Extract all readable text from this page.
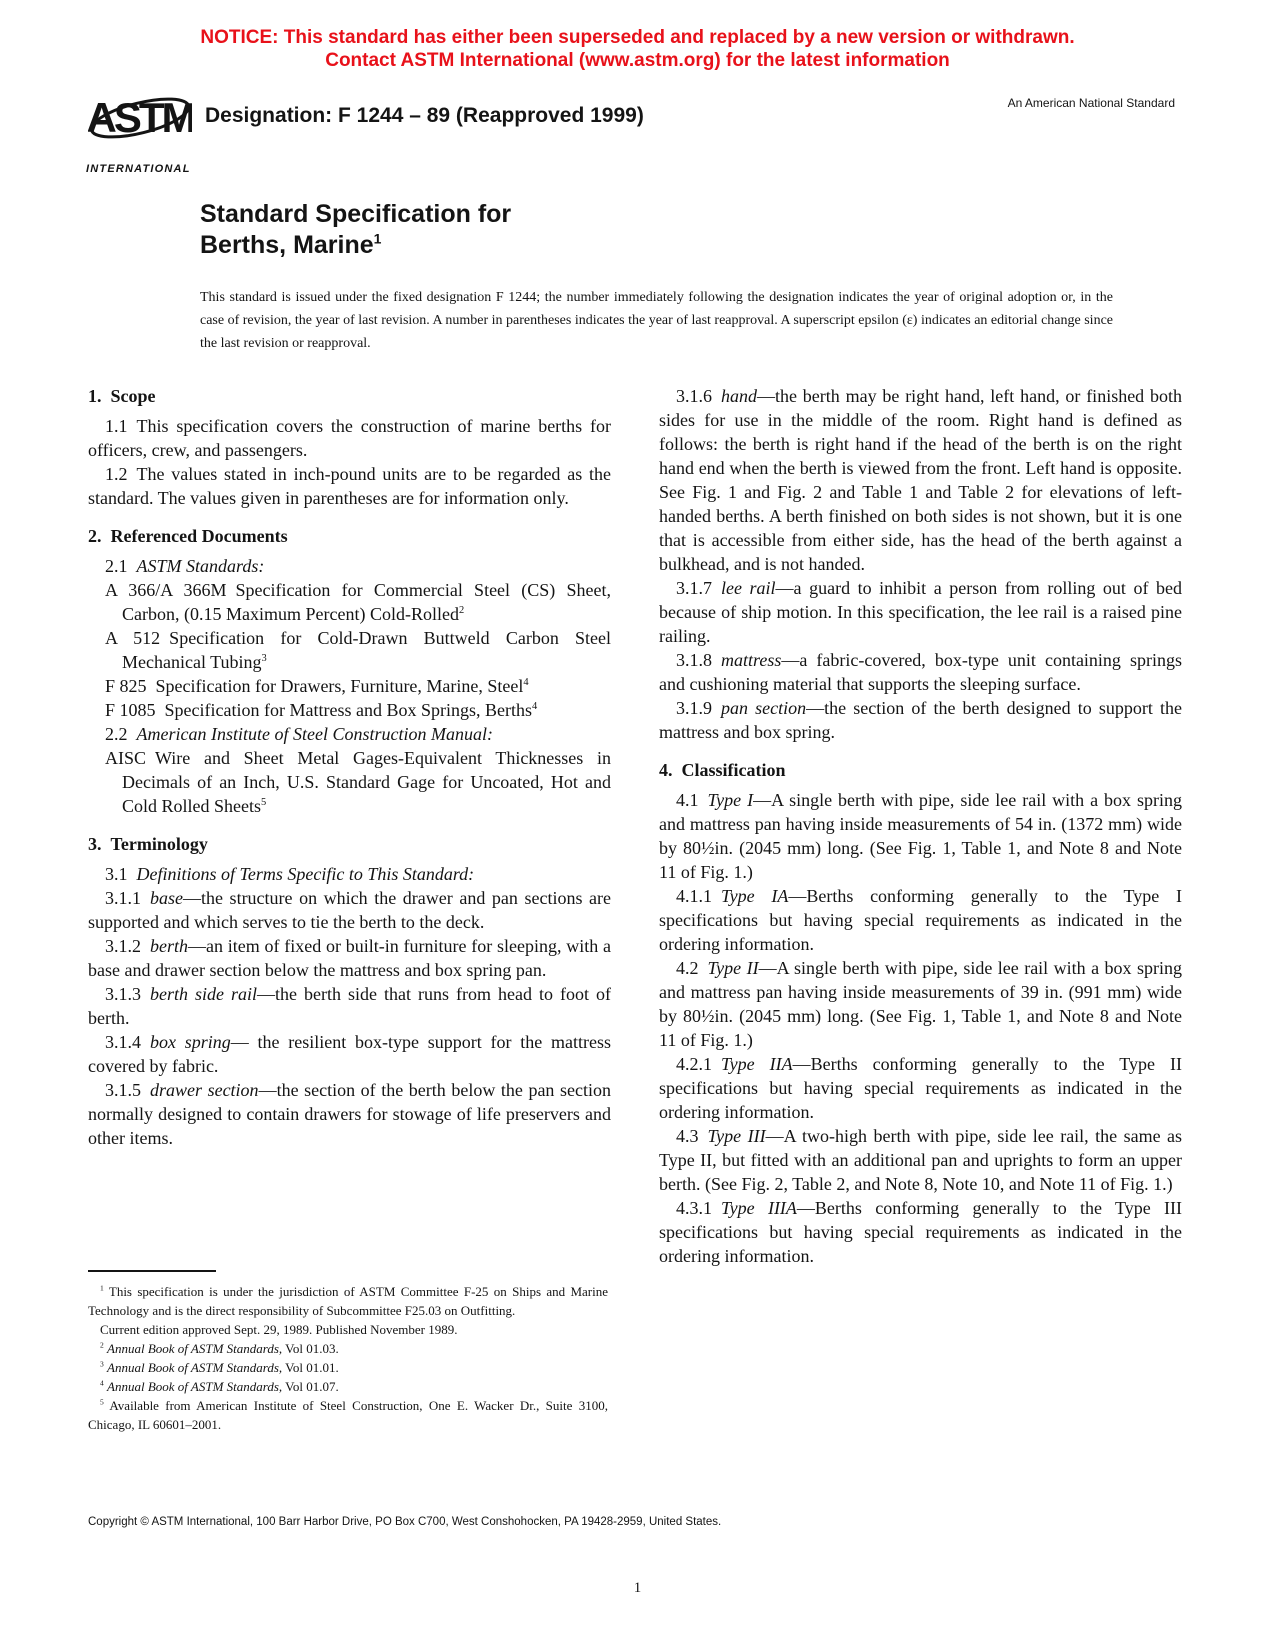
NOTICE: This standard has either been superseded and replaced by a new version or withdrawn.
Contact ASTM International (www.astm.org) for the latest information
ASTM
INTERNATIONAL
Designation: F 1244 – 89 (Reapproved 1999)
An American National Standard
Standard Specification for
Berths, Marine$^1$
This standard is issued under the fixed designation F 1244; the number immediately following the designation indicates the year of original adoption or, in the case of revision, the year of last revision. A number in parentheses indicates the year of last reapproval. A superscript epsilon (ε) indicates an editorial change since the last revision or reapproval.
1. Scope

1.1 This specification covers the construction of marine berths for officers, crew, and passengers.

1.2 The values stated in inch-pound units are to be regarded as the standard. The values given in parentheses are for information only.

2. Referenced Documents

2.1 ASTM Standards:

A 366/A 366M Specification for Commercial Steel (CS) Sheet, Carbon, (0.15 Maximum Percent) Cold-Rolled$^2$

A 512 Specification for Cold-Drawn Buttweld Carbon Steel Mechanical Tubing$^3$

F 825 Specification for Drawers, Furniture, Marine, Steel$^4$

F 1085 Specification for Mattress and Box Springs, Berths$^4$

2.2 American Institute of Steel Construction Manual:

AISC Wire and Sheet Metal Gages-Equivalent Thicknesses in Decimals of an Inch, U.S. Standard Gage for Uncoated, Hot and Cold Rolled Sheets$^5$

3. Terminology

3.1 Definitions of Terms Specific to This Standard:

3.1.1 base—the structure on which the drawer and pan sections are supported and which serves to tie the berth to the deck.

3.1.2 berth—an item of fixed or built-in furniture for sleeping, with a base and drawer section below the mattress and box spring pan.

3.1.3 berth side rail—the berth side that runs from head to foot of berth.

3.1.4 box spring— the resilient box-type support for the mattress covered by fabric.

3.1.5 drawer section—the section of the berth below the pan section normally designed to contain drawers for stowage of life preservers and other items.

3.1.6 hand—the berth may be right hand, left hand, or finished both sides for use in the middle of the room. Right hand is defined as follows: the berth is right hand if the head of the berth is on the right hand end when the berth is viewed from the front. Left hand is opposite. See Fig. 1 and Fig. 2 and Table 1 and Table 2 for elevations of left-handed berths. A berth finished on both sides is not shown, but it is one that is accessible from either side, has the head of the berth against a bulkhead, and is not handed.

3.1.7 lee rail—a guard to inhibit a person from rolling out of bed because of ship motion. In this specification, the lee rail is a raised pine railing.

3.1.8 mattress—a fabric-covered, box-type unit containing springs and cushioning material that supports the sleeping surface.

3.1.9 pan section—the section of the berth designed to support the mattress and box spring.

4. Classification

4.1 Type I—A single berth with pipe, side lee rail with a box spring and mattress pan having inside measurements of 54 in. (1372 mm) wide by 80½in. (2045 mm) long. (See Fig. 1, Table 1, and Note 8 and Note 11 of Fig. 1.)

4.1.1 Type IA—Berths conforming generally to the Type I specifications but having special requirements as indicated in the ordering information.

4.2 Type II—A single berth with pipe, side lee rail with a box spring and mattress pan having inside measurements of 39 in. (991 mm) wide by 80½in. (2045 mm) long. (See Fig. 1, Table 1, and Note 8 and Note 11 of Fig. 1.)

4.2.1 Type IIA—Berths conforming generally to the Type II specifications but having special requirements as indicated in the ordering information.

4.3 Type III—A two-high berth with pipe, side lee rail, the same as Type II, but fitted with an additional pan and uprights to form an upper berth. (See Fig. 2, Table 2, and Note 8, Note 10, and Note 11 of Fig. 1.)

4.3.1 Type IIIA—Berths conforming generally to the Type III specifications but having special requirements as indicated in the ordering information.

$^1$ This specification is under the jurisdiction of ASTM Committee F-25 on Ships and Marine Technology and is the direct responsibility of Subcommittee F25.03 on Outfitting.

Current edition approved Sept. 29, 1989. Published November 1989.

$^2$ Annual Book of ASTM Standards, Vol 01.03.

$^3$ Annual Book of ASTM Standards, Vol 01.01.

$^4$ Annual Book of ASTM Standards, Vol 01.07.

$^5$ Available from American Institute of Steel Construction, One E. Wacker Dr., Suite 3100, Chicago, IL 60601–2001.

Copyright © ASTM International, 100 Barr Harbor Drive, PO Box C700, West Conshohocken, PA 19428-2959, United States.
1
